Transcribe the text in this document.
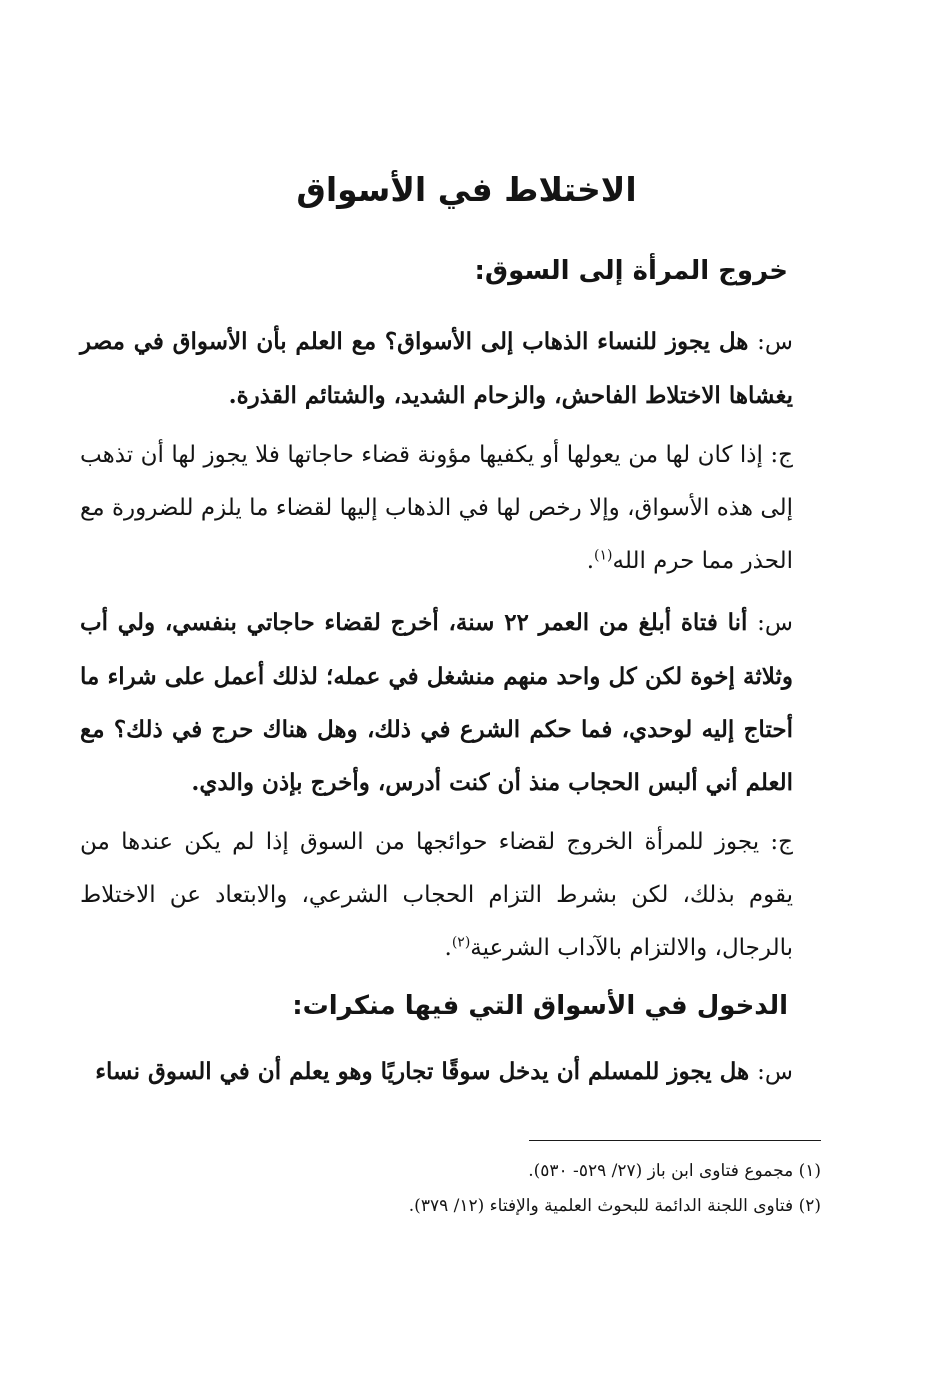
الاختلاط في الأسواق
خروج المرأة إلى السوق:
س: هل يجوز للنساء الذهاب إلى الأسواق؟ مع العلم بأن الأسواق في مصر يغشاها الاختلاط الفاحش، والزحام الشديد، والشتائم القذرة.
ج: إذا كان لها من يعولها أو يكفيها مؤونة قضاء حاجاتها فلا يجوز لها أن تذهب إلى هذه الأسواق، وإلا رخص لها في الذهاب إليها لقضاء ما يلزم للضرورة مع الحذر مما حرم الله$^{(١)}$.
س: أنا فتاة أبلغ من العمر ٢٢ سنة، أخرج لقضاء حاجاتي بنفسي، ولي أب وثلاثة إخوة لكن كل واحد منهم منشغل في عمله؛ لذلك أعمل على شراء ما أحتاج إليه لوحدي، فما حكم الشرع في ذلك، وهل هناك حرج في ذلك؟ مع العلم أني ألبس الحجاب منذ أن كنت أدرس، وأخرج بإذن والدي.
ج: يجوز للمرأة الخروج لقضاء حوائجها من السوق إذا لم يكن عندها من يقوم بذلك، لكن بشرط التزام الحجاب الشرعي، والابتعاد عن الاختلاط بالرجال، والالتزام بالآداب الشرعية$^{(٢)}$.
الدخول في الأسواق التي فيها منكرات:
س: هل يجوز للمسلم أن يدخل سوقًا تجاريًا وهو يعلم أن في السوق نساء
(١) مجموع فتاوى ابن باز (٢٧/ ٥٢٩- ٥٣٠).
(٢) فتاوى اللجنة الدائمة للبحوث العلمية والإفتاء (١٢/ ٣٧٩).
